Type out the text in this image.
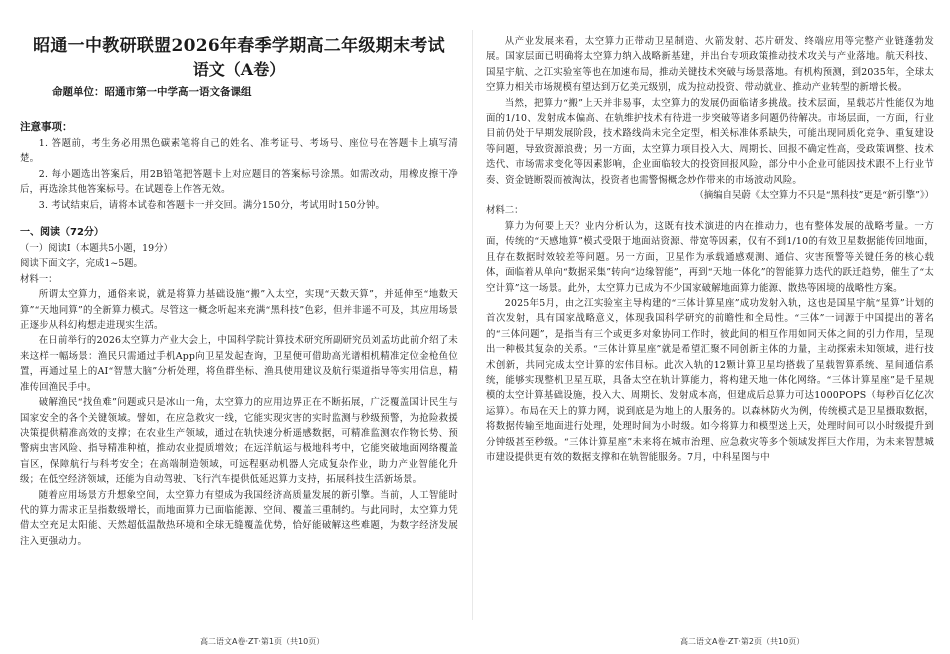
昭通一中教研联盟2026年春季学期高二年级期末考试

语文（A卷）

命题单位：昭通市第一中学高一语文备课组

注意事项：

1. 答题前，考生务必用黑色碳素笔将自己的姓名、准考证号、考场号、座位号在答题卡上填写清楚。

2. 每小题选出答案后，用2B铅笔把答题卡上对应题目的答案标号涂黑。如需改动，用橡皮擦干净后，再选涂其他答案标号。在试题卷上作答无效。

3. 考试结束后，请将本试卷和答题卡一并交回。满分150分，考试用时150分钟。

一、阅读（72分）

（一）阅读Ⅰ（本题共5小题，19分）

阅读下面文字，完成1~5题。

材料一：

所谓太空算力，通俗来说，就是将算力基础设施“搬”入太空，实现“天数天算”，并延伸至“地数天算”“天地同算”的全新算力模式。尽管这一概念听起来充满“黑科技”色彩，但并非遥不可及，其应用场景正逐步从科幻构想走进现实生活。

在日前举行的2026太空算力产业大会上，中国科学院计算技术研究所副研究员刘孟坊此前介绍了未来这样一幅场景：渔民只需通过手机App向卫星发起查询，卫星便可借助高光谱相机精准定位金枪鱼位置，再通过星上的AI“智慧大脑”分析处理，将鱼群坐标、渔具使用建议及航行渠道指导等实用信息，精准传回渔民手中。

破解渔民“找鱼难”问题或只是冰山一角，太空算力的应用边界正在不断拓展，广泛覆盖国计民生与国家安全的各个关键领域。譬如，在应急救灾一线，它能实现灾害的实时监测与秒级预警，为抢险救援决策提供精准高效的支撑；在农业生产领域，通过在轨快速分析遥感数据，可精准监测农作物长势、预警病虫害风险、指导精准种植，推动农业提质增效；在远洋航运与极地科考中，它能突破地面网络覆盖盲区，保障航行与科考安全；在高端制造领域，可远程驱动机器人完成复杂作业，助力产业智能化升级；在低空经济领域，还能为自动驾驶、飞行汽车提供低延迟算力支持，拓展科技生活新场景。

随着应用场景方升想象空间，太空算力有望成为我国经济高质量发展的新引擎。当前，人工智能时代的算力需求正呈指数级增长，而地面算力已面临能源、空间、覆盖三重制约。与此同时，太空算力凭借太空充足太阳能、天然超低温散热环境和全球无缝覆盖优势，恰好能破解这些难题，为数字经济发展注入更强动力。

从产业发展来看，太空算力正带动卫星制造、火箭发射、芯片研发、终端应用等完整产业链蓬勃发展。国家层面已明确将太空算力纳入战略新基建，并出台专项政策推动技术攻关与产业落地。航天科技、国星宇航、之江实验室等也在加速布局，推动关键技术突破与场景落地。有机构预测，到2035年，全球太空算力相关市场规模有望达到万亿美元级别，成为拉动投资、带动就业、推动产业转型的新增长极。

当然，把算力“搬”上天并非易事，太空算力的发展仍面临诸多挑战。技术层面，星载芯片性能仅为地面的1/10、发射成本偏高、在轨维护技术有待进一步突破等诸多问题仍待解决。市场层面，一方面，行业目前仍处于早期发展阶段，技术路线尚未完全定型，相关标准体系缺失，可能出现同质化竞争、重复建设等问题，导致资源浪费；另一方面，太空算力项目投入大、周期长、回报不确定性高，受政策调整、技术迭代、市场需求变化等因素影响，企业面临较大的投资回报风险，部分中小企业可能因技术跟不上行业节奏、资金链断裂而被淘汰，投资者也需警惕概念炒作带来的市场波动风险。

（摘编自吴蔚《太空算力不只是“黑科技”更是“新引擎”》）

材料二：

算力为何要上天？业内分析认为，这既有技术演进的内在推动力，也有整体发展的战略考量。一方面，传统的“天感地算”模式受限于地面站资源、带宽等因素，仅有不到1/10的有效卫星数据能传回地面，且存在数据时效较差等问题。另一方面，卫星作为承载通感观测、通信、灾害预警等关键任务的核心载体，面临着从单向“数据采集”转向“边缘智能”，再到“天地一体化”的智能算力迭代的跃迁趋势，催生了“太空计算”这一场景。此外，太空算力已成为不少国家破解地面算力能源、散热等困境的战略性方案。

2025年5月，由之江实验室主导构建的“三体计算星座”成功发射入轨，这也是国星宇航“星算”计划的首次发射，具有国家战略意义，体现我国科学研究的前瞻性和全局性。“三体”一词源于中国提出的著名的“三体问题”，是指当有三个或更多对象协同工作时，彼此间的相互作用如同天体之间的引力作用，呈现出一种极其复杂的关系。“三体计算星座”就是希望汇聚不同创新主体的力量，主动探索未知领域，进行技术创新，共同完成太空计算的宏伟目标。此次入轨的12颗计算卫星均搭载了星载智算系统、星间通信系统，能够实现整机卫星互联，具备太空在轨计算能力，将构建天地一体化网络。“三体计算星座”是千星规模的太空计算基础设施，投入大、周期长、发射成本高，但建成后总算力可达1000POPS（每秒百亿亿次运算）。布局在天上的算力网，说到底是为地上的人服务的。以森林防火为例，传统模式是卫星摄取数据，将数据传输至地面进行处理，处理时间为小时级。如今将算力和模型送上天，处理时间可以小时级提升到分钟级甚至秒级。“三体计算星座”未来将在城市治理、应急救灾等多个领域发挥巨大作用，为未来智慧城市建设提供更有效的数据支撑和在轨智能服务。7月，中科星图与中

高二语文A卷·ZT·第1页（共10页）	高二语文A卷·ZT·第2页（共10页）
